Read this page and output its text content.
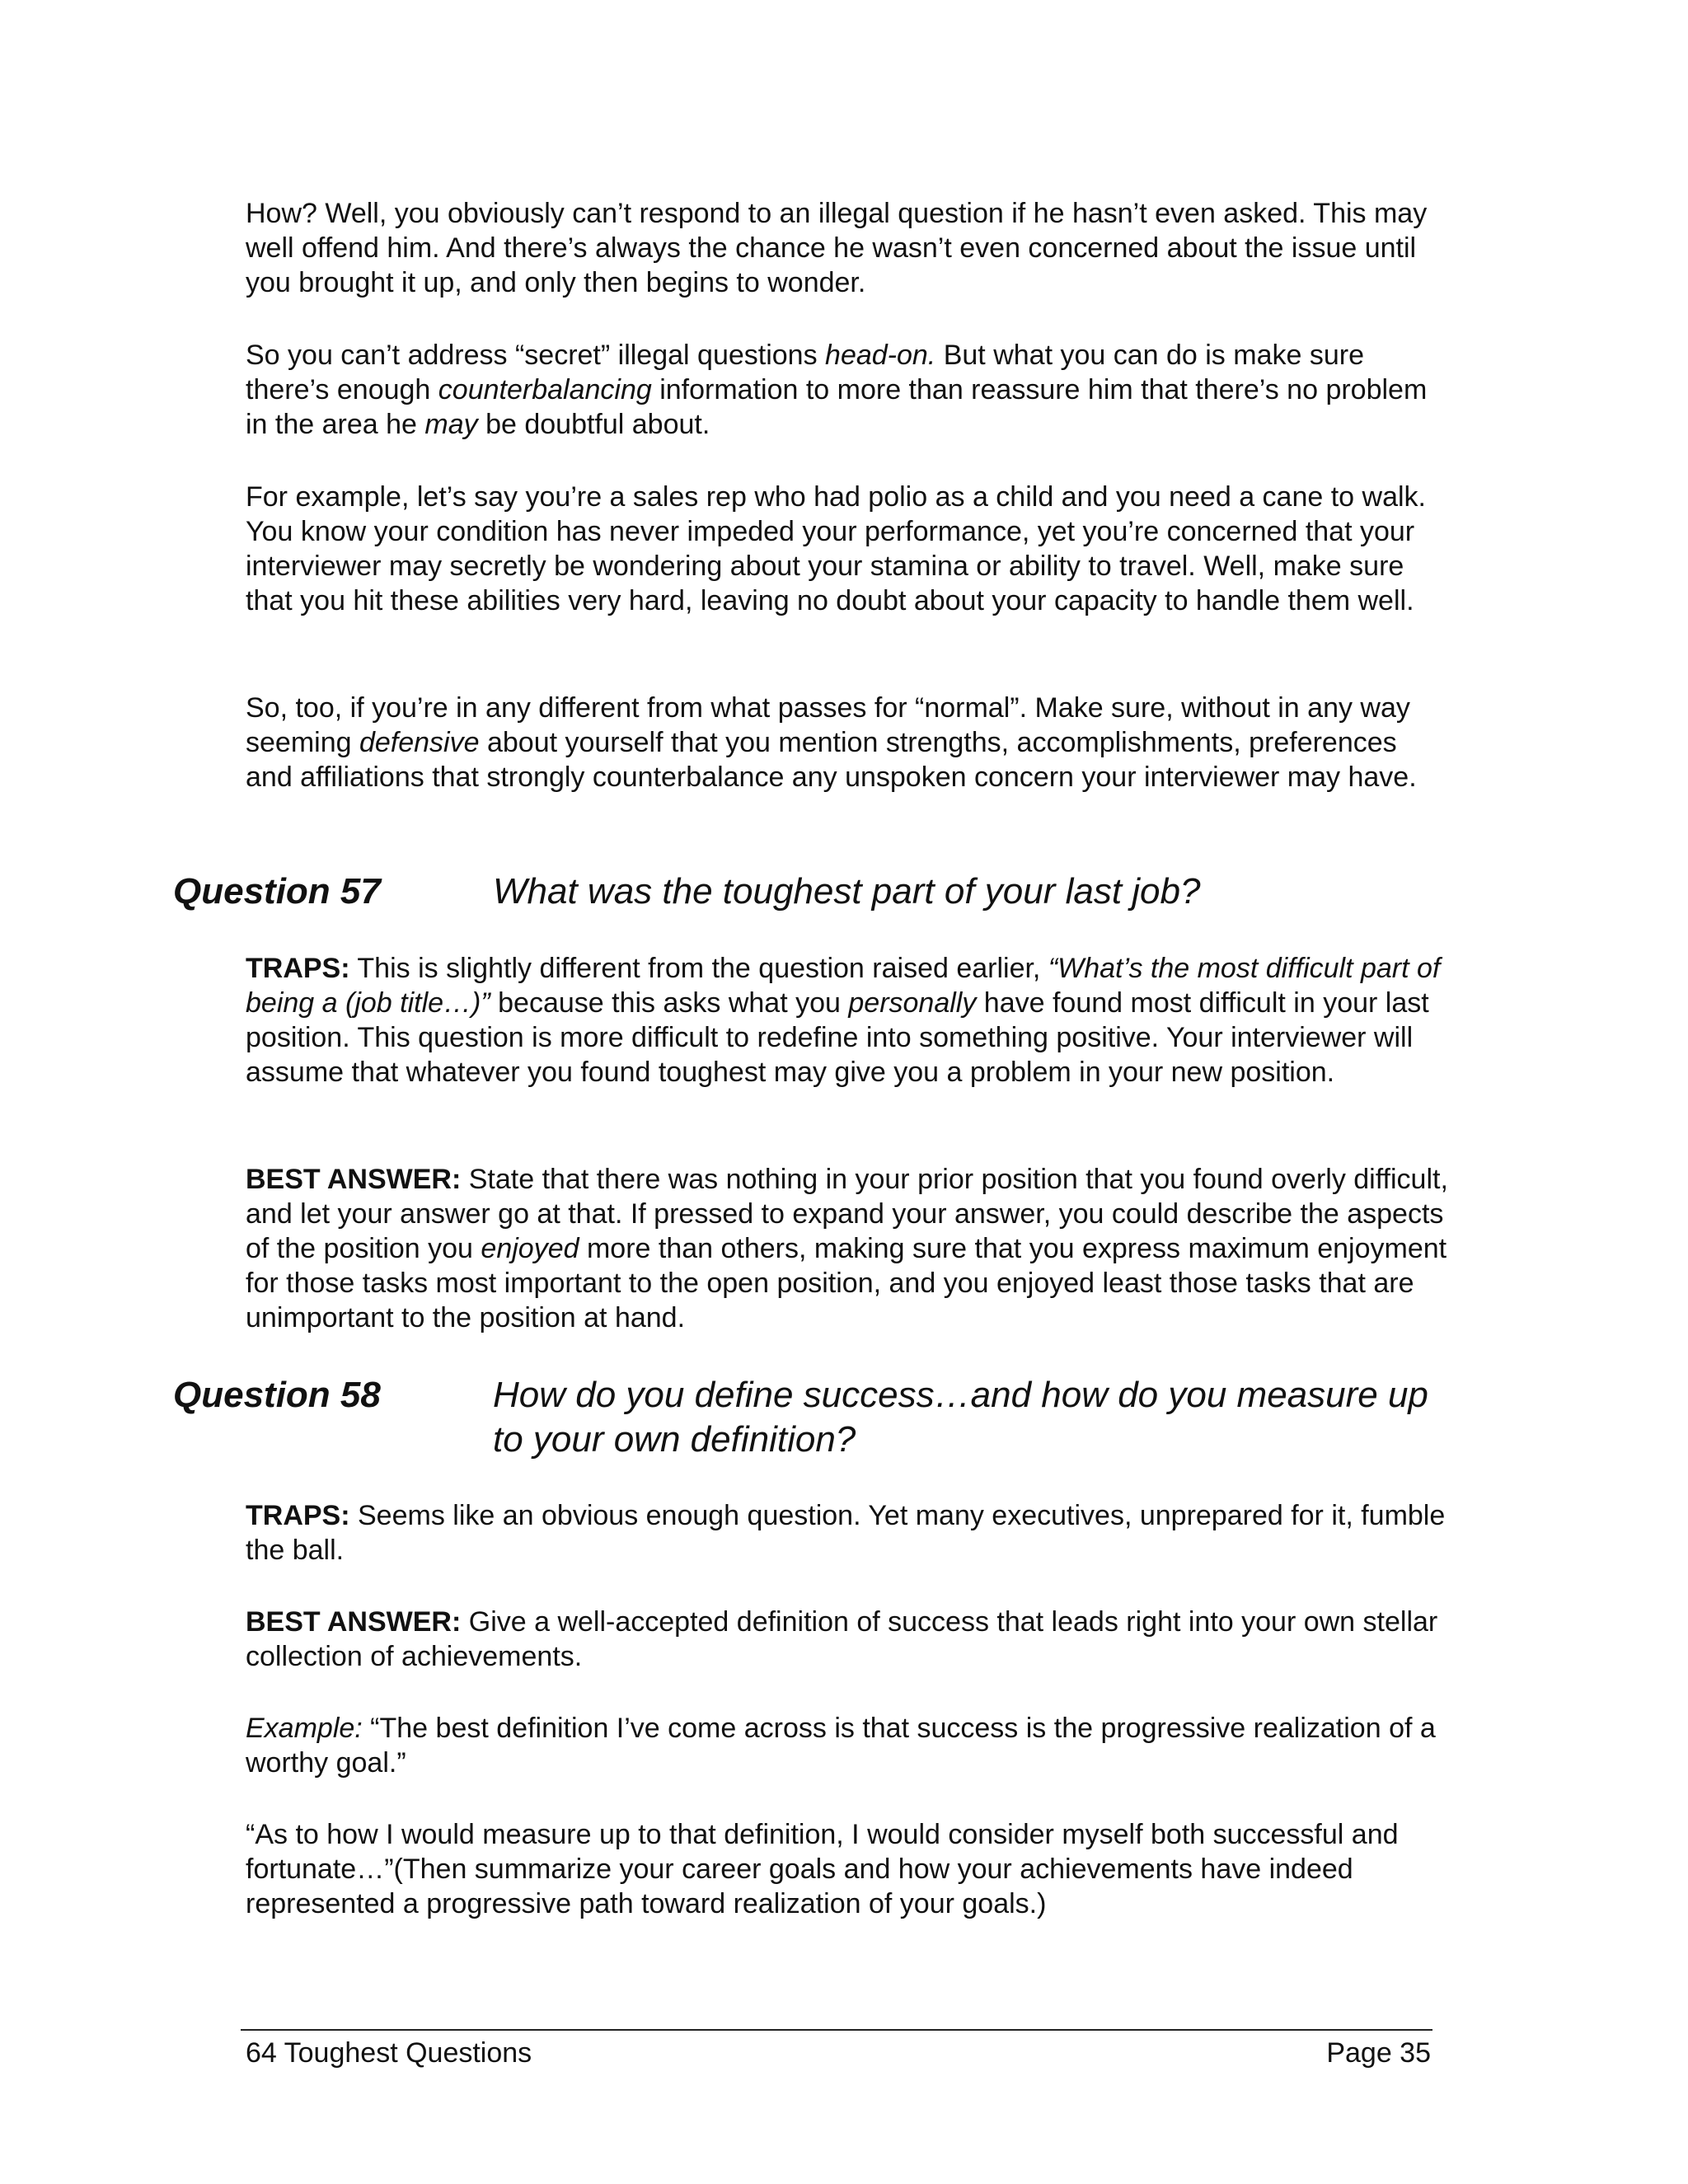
How? Well, you obviously can’t respond to an illegal question if he hasn’t even asked. This may well offend him. And there’s always the chance he wasn’t even concerned about the issue until you brought it up, and only then begins to wonder.

So you can’t address “secret” illegal questions head-on. But what you can do is make sure there’s enough counterbalancing information to more than reassure him that there’s no problem in the area he may be doubtful about.

For example, let’s say you’re a sales rep who had polio as a child and you need a cane to walk. You know your condition has never impeded your performance, yet you’re concerned that your interviewer may secretly be wondering about your stamina or ability to travel. Well, make sure that you hit these abilities very hard, leaving no doubt about your capacity to handle them well.

So, too, if you’re in any different from what passes for “normal”. Make sure, without in any way seeming defensive about yourself that you mention strengths, accomplishments, preferences and affiliations that strongly counterbalance any unspoken concern your interviewer may have.

Question 57	What was the toughest part of your last job?

TRAPS: This is slightly different from the question raised earlier, “What’s the most difficult part of being a (job title…)” because this asks what you personally have found most difficult in your last position. This question is more difficult to redefine into something positive. Your interviewer will assume that whatever you found toughest may give you a problem in your new position.

BEST ANSWER: State that there was nothing in your prior position that you found overly difficult, and let your answer go at that. If pressed to expand your answer, you could describe the aspects of the position you enjoyed more than others, making sure that you express maximum enjoyment for those tasks most important to the open position, and you enjoyed least those tasks that are unimportant to the position at hand.

Question 58	How do you define success…and how do you measure up to your own definition?

TRAPS: Seems like an obvious enough question. Yet many executives, unprepared for it, fumble the ball.

BEST ANSWER: Give a well-accepted definition of success that leads right into your own stellar collection of achievements.

Example: “The best definition I’ve come across is that success is the progressive realization of a worthy goal.”

“As to how I would measure up to that definition, I would consider myself both successful and fortunate…”(Then summarize your career goals and how your achievements have indeed represented a progressive path toward realization of your goals.)

64 Toughest Questions	Page 35
